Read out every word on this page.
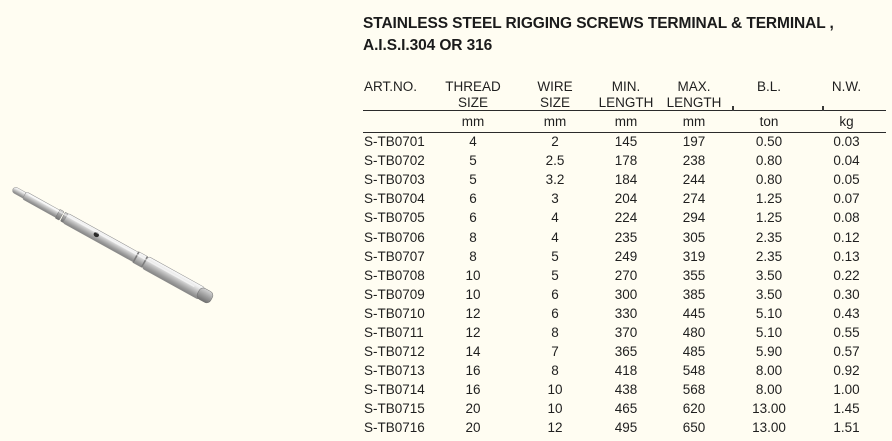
STAINLESS STEEL RIGGING SCREWS TERMINAL & TERMINAL ,
A.I.S.I.304 OR 316
ART.NO.	THREAD	WIRE	MIN.	MAX.	B.L.	N.W.
	SIZE	SIZE	LENGTH	LENGTH		
	mm	mm	mm	mm	ton	kg
S-TB0701	4	2	145	197	0.50	0.03
S-TB0702	5	2.5	178	238	0.80	0.04
S-TB0703	5	3.2	184	244	0.80	0.05
S-TB0704	6	3	204	274	1.25	0.07
S-TB0705	6	4	224	294	1.25	0.08
S-TB0706	8	4	235	305	2.35	0.12
S-TB0707	8	5	249	319	2.35	0.13
S-TB0708	10	5	270	355	3.50	0.22
S-TB0709	10	6	300	385	3.50	0.30
S-TB0710	12	6	330	445	5.10	0.43
S-TB0711	12	8	370	480	5.10	0.55
S-TB0712	14	7	365	485	5.90	0.57
S-TB0713	16	8	418	548	8.00	0.92
S-TB0714	16	10	438	568	8.00	1.00
S-TB0715	20	10	465	620	13.00	1.45
S-TB0716	20	12	495	650	13.00	1.51
